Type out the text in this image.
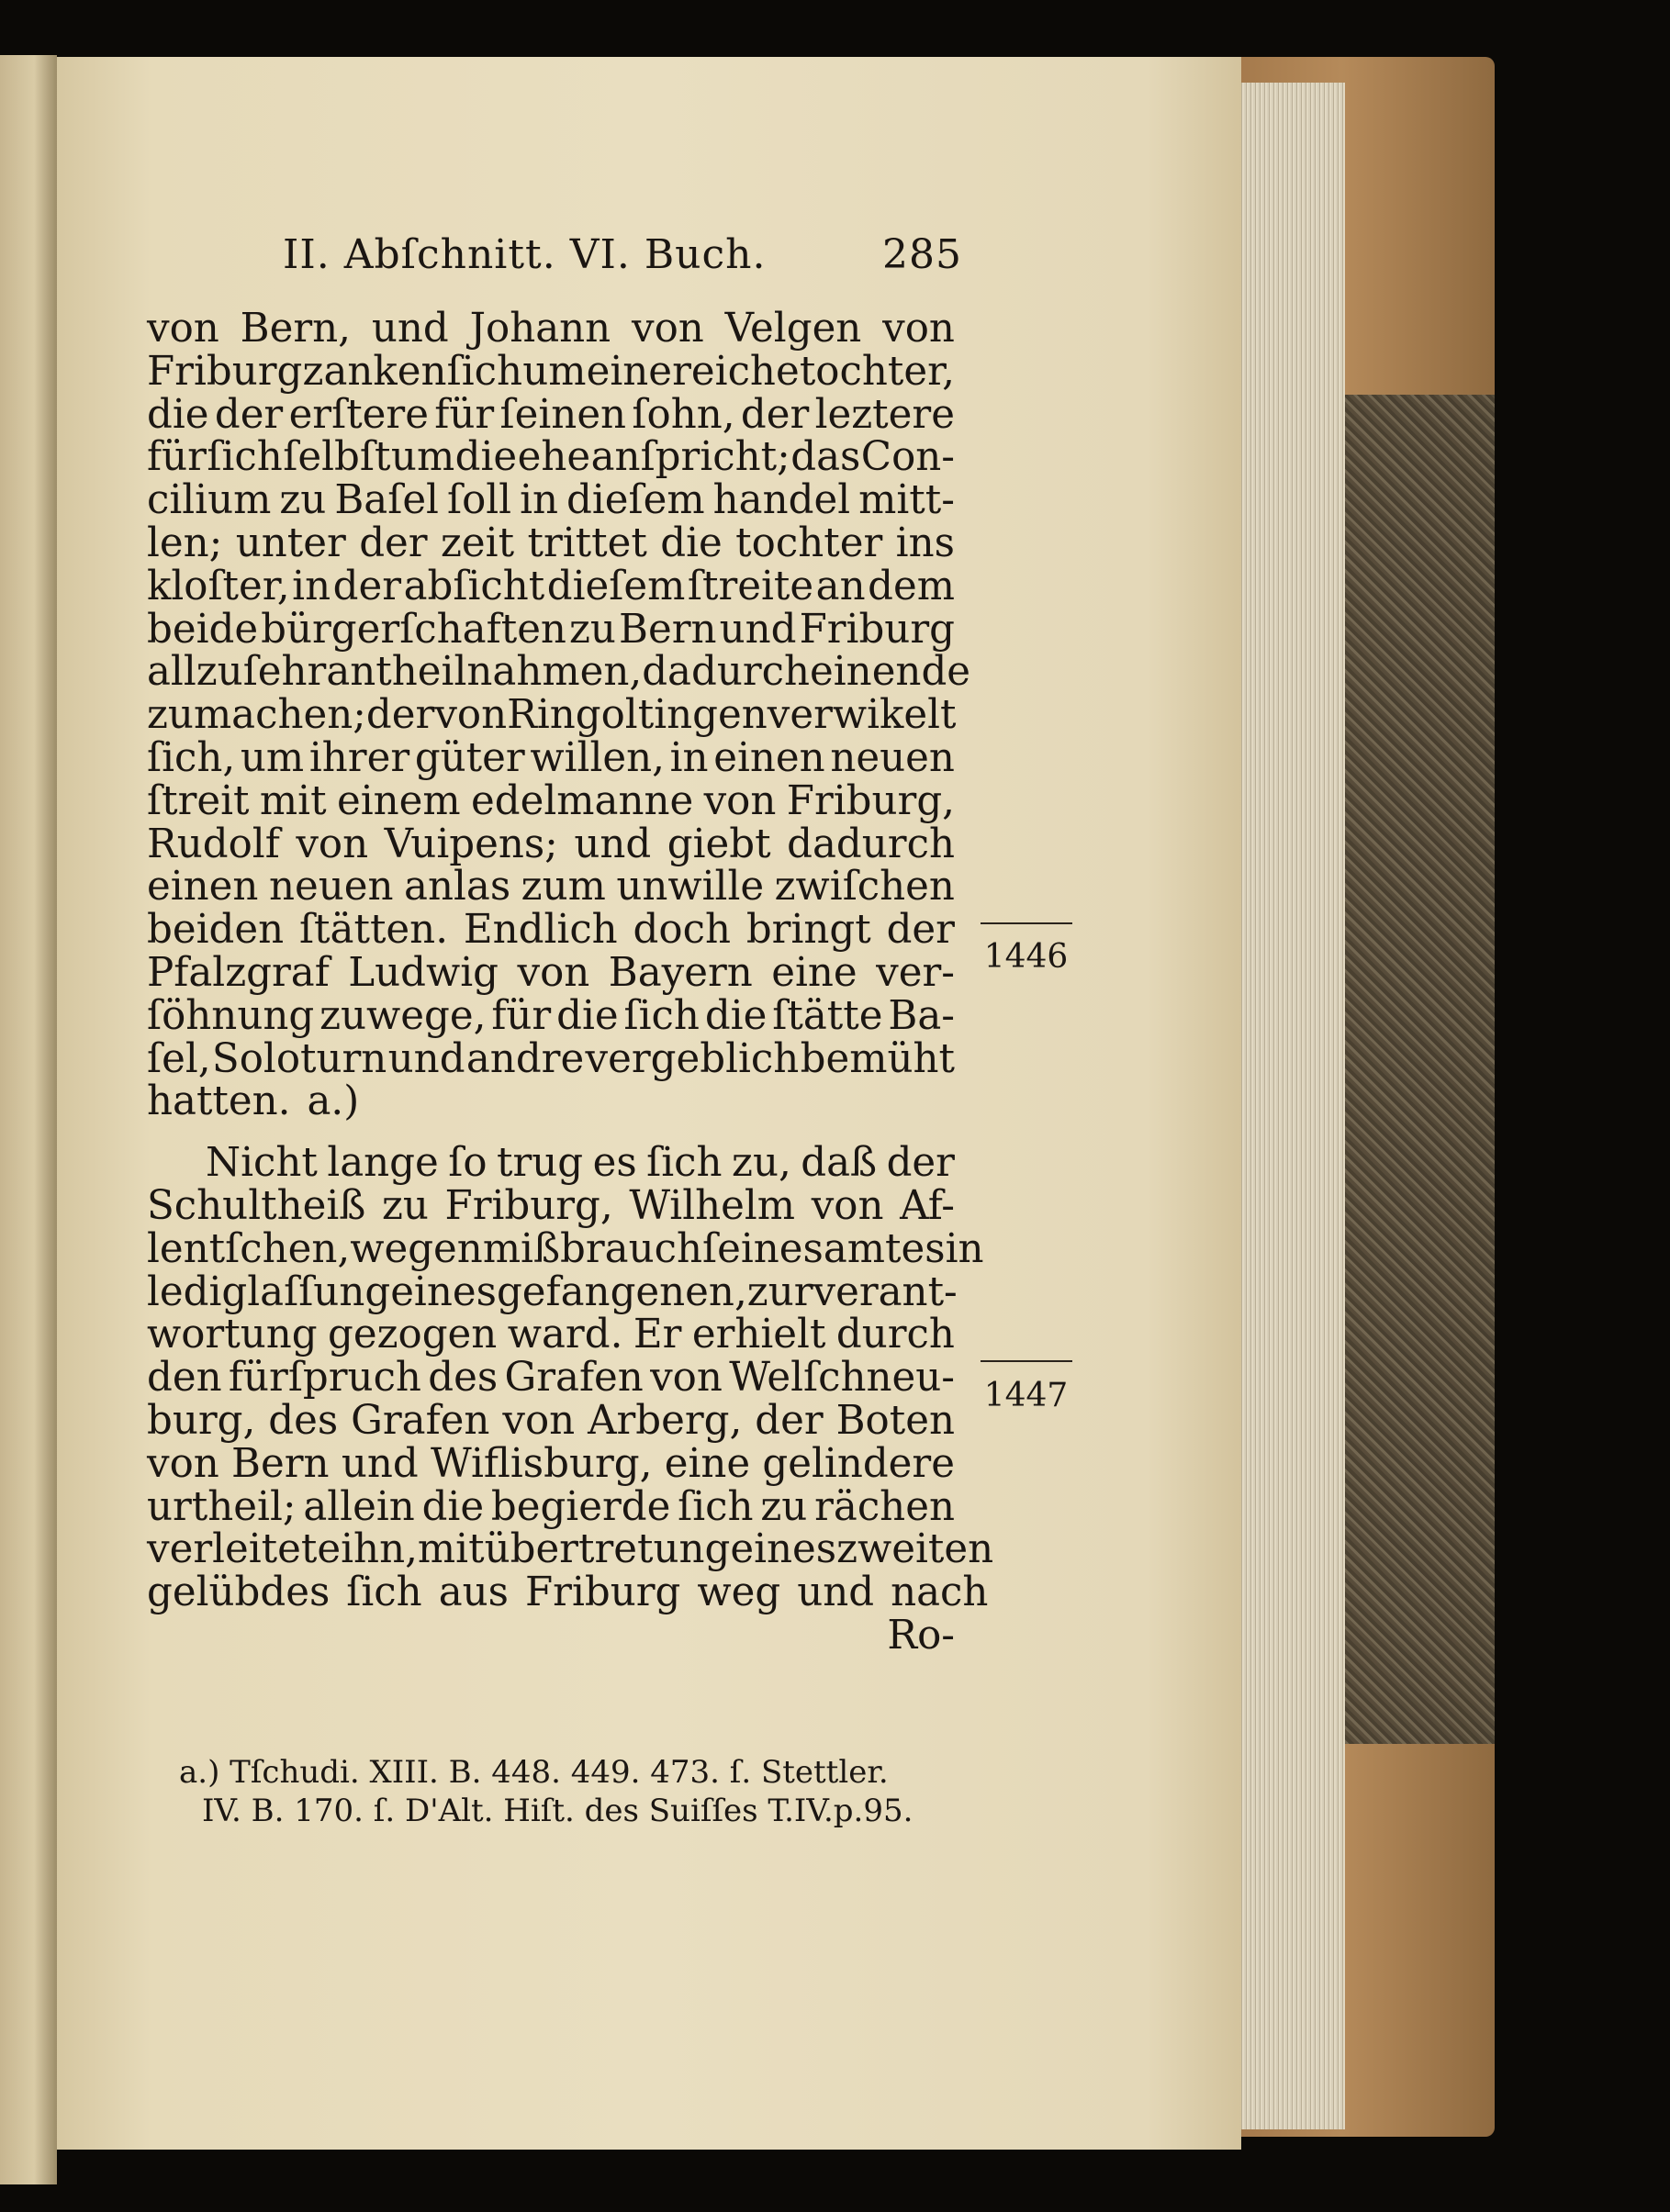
II. Abſchnitt. VI. Buch.	285
von Bern, und Johann von Velgen von
Friburg zanken ſich um eine reiche tochter,
die der erſtere für ſeinen ſohn, der leztere
für ſich ſelbſt um die ehe anſpricht; das Con-
cilium zu Baſel ſoll in dieſem handel mitt-
len; unter der zeit trittet die tochter ins
kloſter, in der abſicht dieſem ſtreite an dem
beide bürgerſchaften zu Bern und Friburg
allzuſehr antheil nahmen, dadurch ein ende
zu machen; der von Ringoltingen verwikelt
ſich, um ihrer güter willen, in einen neuen
ſtreit mit einem edelmanne von Friburg,
Rudolf von Vuipens; und giebt dadurch
einen neuen anlas zum unwille zwiſchen
beiden ſtätten. Endlich doch bringt der
Pfalzgraf Ludwig von Bayern eine ver-
ſöhnung zuwege, für die ſich die ſtätte Ba-
ſel, Soloturn und andre vergeblich bemüht
hatten. a.)
Nicht lange ſo trug es ſich zu, daß der
Schultheiß zu Friburg, Wilhelm von Af-
lentſchen, wegen mißbrauch ſeines amtes in
lediglaſſung eines gefangenen, zur verant-
wortung gezogen ward. Er erhielt durch
den fürſpruch des Grafen von Welſchneu-
burg, des Grafen von Arberg, der Boten
von Bern und Wiflisburg, eine gelindere
urtheil; allein die begierde ſich zu rächen
verleitete ihn, mit übertretung eines zweiten
gelübdes ſich aus Friburg weg und nach
Ro-
1446
1447
a.) Tſchudi. XIII. B. 448. 449. 473. ſ. Stettler.
IV. B. 170. ſ. D'Alt. Hiſt. des Suiſſes T.IV.p.95.
